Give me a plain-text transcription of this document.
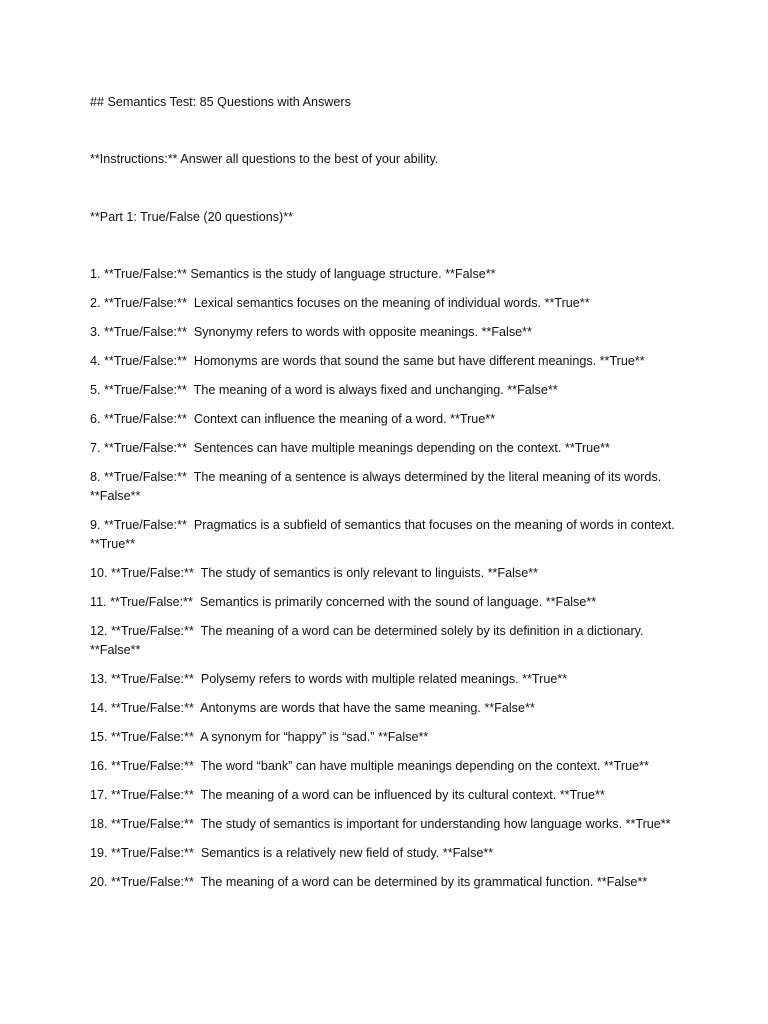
## Semantics Test: 85 Questions with Answers

**Instructions:** Answer all questions to the best of your ability.

**Part 1: True/False (20 questions)**
1. **True/False:** Semantics is the study of language structure. **False**
2. **True/False:** Lexical semantics focuses on the meaning of individual words. **True**
3. **True/False:** Synonymy refers to words with opposite meanings. **False**
4. **True/False:** Homonyms are words that sound the same but have different meanings. **True**
5. **True/False:** The meaning of a word is always fixed and unchanging. **False**
6. **True/False:** Context can influence the meaning of a word. **True**
7. **True/False:** Sentences can have multiple meanings depending on the context. **True**
8. **True/False:** The meaning of a sentence is always determined by the literal meaning of its words. **False**
9. **True/False:** Pragmatics is a subfield of semantics that focuses on the meaning of words in context. **True**
10. **True/False:** The study of semantics is only relevant to linguists. **False**
11. **True/False:** Semantics is primarily concerned with the sound of language. **False**
12. **True/False:** The meaning of a word can be determined solely by its definition in a dictionary. **False**
13. **True/False:** Polysemy refers to words with multiple related meanings. **True**
14. **True/False:** Antonyms are words that have the same meaning. **False**
15. **True/False:** A synonym for “happy” is “sad.” **False**
16. **True/False:** The word “bank” can have multiple meanings depending on the context. **True**
17. **True/False:** The meaning of a word can be influenced by its cultural context. **True**
18. **True/False:** The study of semantics is important for understanding how language works. **True**
19. **True/False:** Semantics is a relatively new field of study. **False**
20. **True/False:** The meaning of a word can be determined by its grammatical function. **False**
